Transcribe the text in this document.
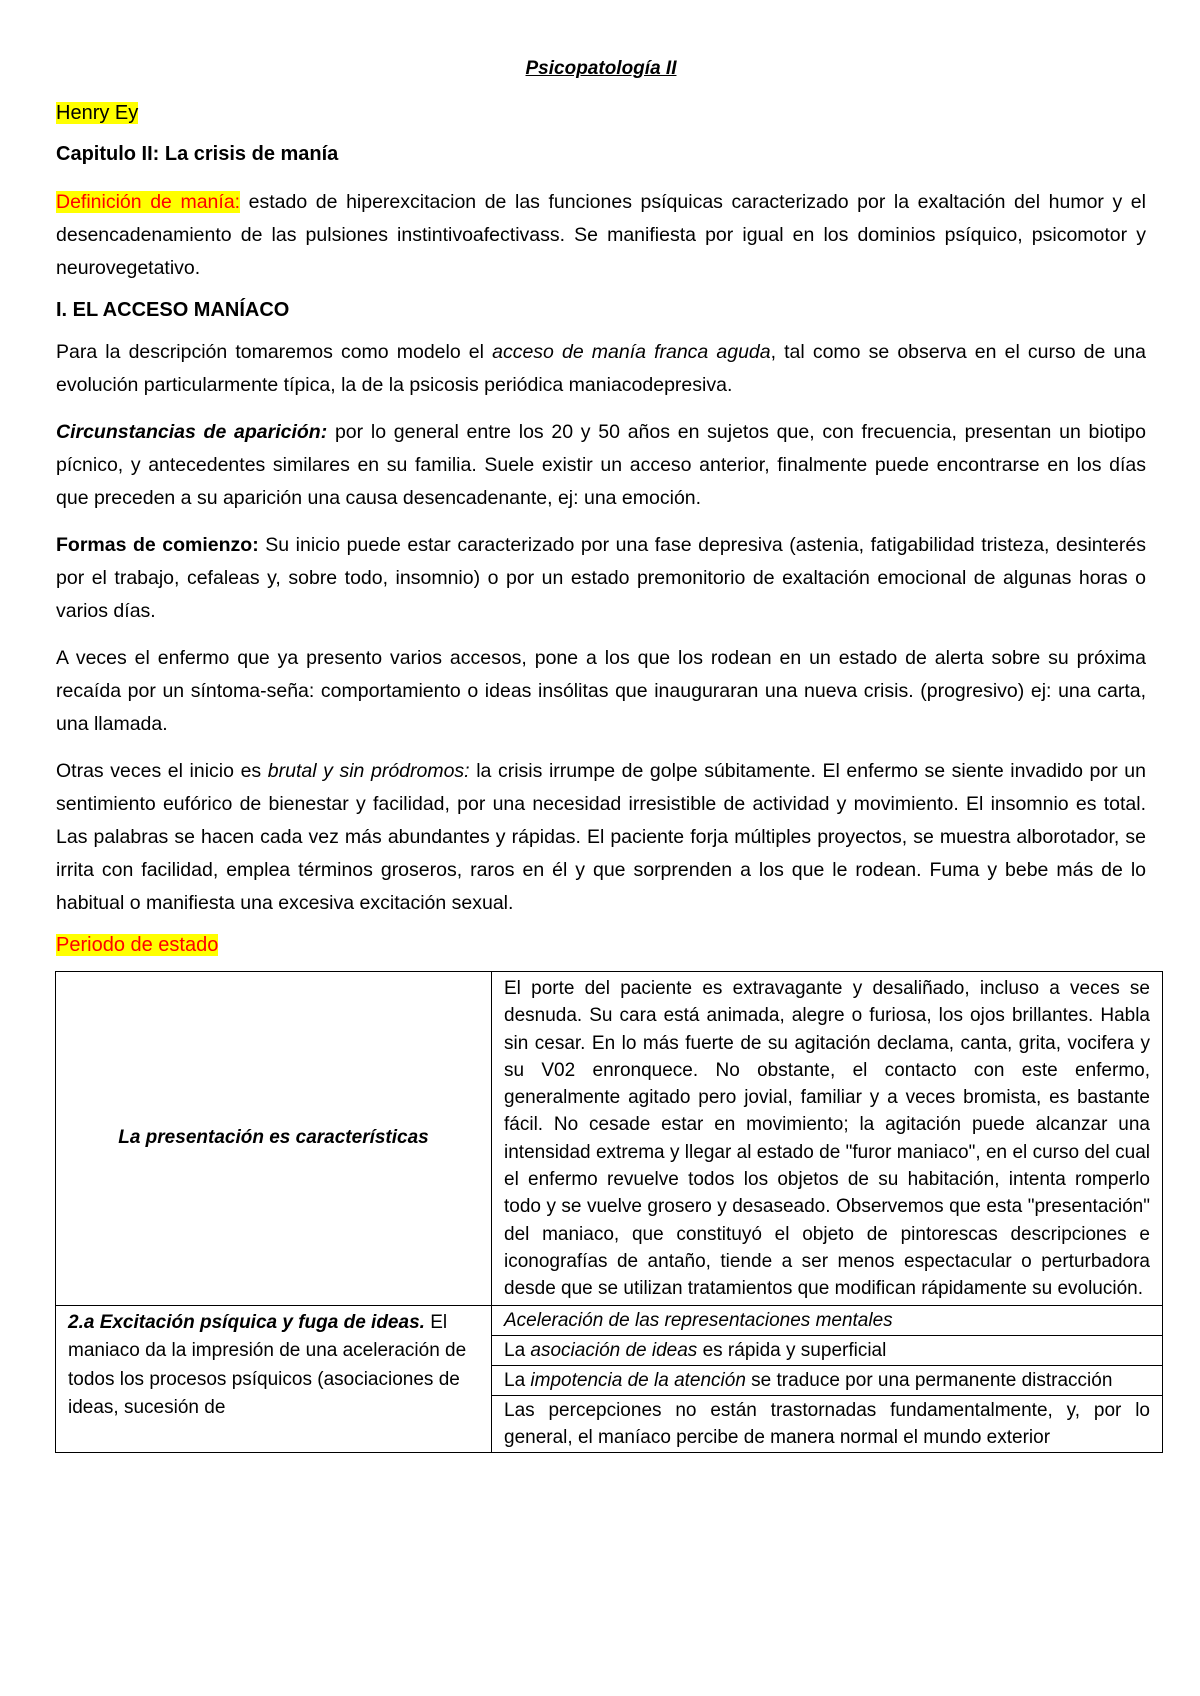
Psicopatología II
Henry Ey
Capitulo II: La crisis de manía

Definición de manía: estado de hiperexcitacion de las funciones psíquicas caracterizado por la exaltación del humor y el desencadenamiento de las pulsiones instintivoafectivass. Se manifiesta por igual en los dominios psíquico, psicomotor y neurovegetativo.

I. EL ACCESO MANÍACO

Para la descripción tomaremos como modelo el acceso de manía franca aguda, tal como se observa en el curso de una evolución particularmente típica, la de la psicosis periódica maniacodepresiva.

Circunstancias de aparición: por lo general entre los 20 y 50 años en sujetos que, con frecuencia, presentan un biotipo pícnico, y antecedentes similares en su familia. Suele existir un acceso anterior, finalmente puede encontrarse en los días que preceden a su aparición una causa desencadenante, ej: una emoción.

Formas de comienzo: Su inicio puede estar caracterizado por una fase depresiva (astenia, fatigabilidad tristeza, desinterés por el trabajo, cefaleas y, sobre todo, insomnio) o por un estado premonitorio de exaltación emocional de algunas horas o varios días.

A veces el enfermo que ya presento varios accesos, pone a los que los rodean en un estado de alerta sobre su próxima recaída por un síntoma-seña: comportamiento o ideas insólitas que inauguraran una nueva crisis. (progresivo) ej: una carta, una llamada.

Otras veces el inicio es brutal y sin pródromos: la crisis irrumpe de golpe súbitamente. El enfermo se siente invadido por un sentimiento eufórico de bienestar y facilidad, por una necesidad irresistible de actividad y movimiento. El insomnio es total. Las palabras se hacen cada vez más abundantes y rápidas. El paciente forja múltiples proyectos, se muestra alborotador, se irrita con facilidad, emplea términos groseros, raros en él y que sorprenden a los que le rodean. Fuma y bebe más de lo habitual o manifiesta una excesiva excitación sexual.

Periodo de estado
La presentación es características	El porte del paciente es extravagante y desaliñado, incluso a veces se desnuda. Su cara está animada, alegre o furiosa, los ojos brillantes. Habla sin cesar. En lo más fuerte de su agitación declama, canta, grita, vocifera y su V02 enronquece. No obstante, el contacto con este enfermo, generalmente agitado pero jovial, familiar y a veces bromista, es bastante fácil. No cesade estar en movimiento; la agitación puede alcanzar una intensidad extrema y llegar al estado de "furor maniaco", en el curso del cual el enfermo revuelve todos los objetos de su habitación, intenta romperlo todo y se vuelve grosero y desaseado. Observemos que esta "presentación" del maniaco, que constituyó el objeto de pintorescas descripciones e iconografías de antaño, tiende a ser menos espectacular o perturbadora desde que se utilizan tratamientos que modifican rápidamente su evolución.
2.a Excitación psíquica y fuga de ideas. El maniaco da la impresión de una aceleración de todos los procesos psíquicos (asociaciones de ideas, sucesión de	Aceleración de las representaciones mentales
	La asociación de ideas es rápida y superficial
	La impotencia de la atención se traduce por una permanente distracción
	Las percepciones no están trastornadas fundamentalmente, y, por lo general, el maníaco percibe de manera normal el mundo exterior
